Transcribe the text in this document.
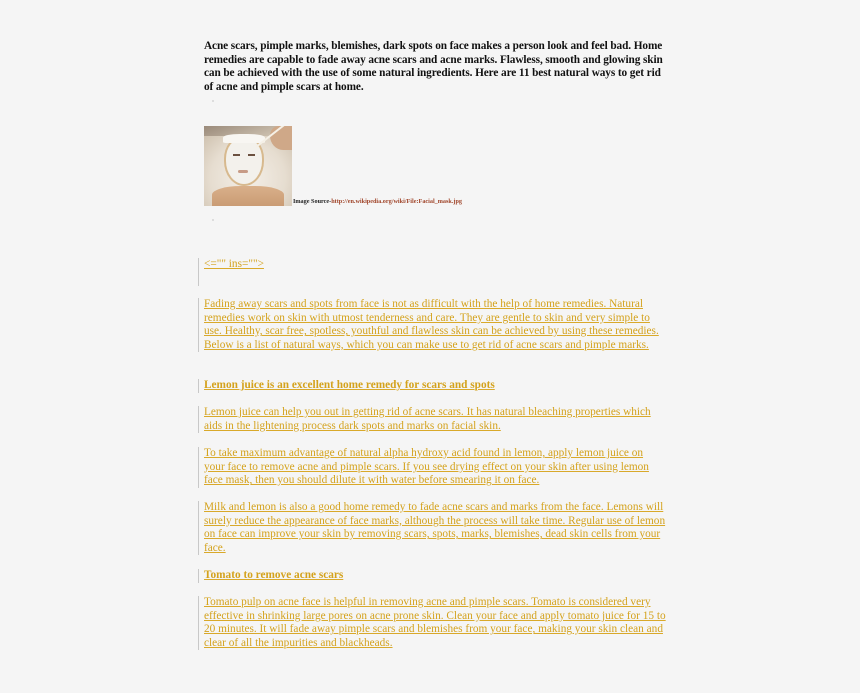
Acne scars, pimple marks, blemishes, dark spots on face makes a person look and feel bad. Home remedies are capable to fade away acne scars and acne marks. Flawless, smooth and glowing skin can be achieved with the use of some natural ingredients. Here are 11 best natural ways to get rid of acne and pimple scars at home.

Image Source-http://en.wikipedia.org/wiki/File:Facial_mask.jpg
<="" ins="">
Fading away scars and spots from face is not as difficult with the help of home remedies. Natural remedies work on skin with utmost tenderness and care. They are gentle to skin and very simple to use. Healthy, scar free, spotless, youthful and flawless skin can be achieved by using these remedies. Below is a list of natural ways, which you can make use to get rid of acne scars and pimple marks.
Lemon juice is an excellent home remedy for scars and spots
Lemon juice can help you out in getting rid of acne scars. It has natural bleaching properties which aids in the lightening process dark spots and marks on facial skin.
To take maximum advantage of natural alpha hydroxy acid found in lemon, apply lemon juice on your face to remove acne and pimple scars. If you see drying effect on your skin after using lemon face mask, then you should dilute it with water before smearing it on face.
Milk and lemon is also a good home remedy to fade acne scars and marks from the face. Lemons will surely reduce the appearance of face marks, although the process will take time. Regular use of lemon on face can improve your skin by removing scars, spots, marks, blemishes, dead skin cells from your face.
Tomato to remove acne scars
Tomato pulp on acne face is helpful in removing acne and pimple scars. Tomato is considered very effective in shrinking large pores on acne prone skin. Clean your face and apply tomato juice for 15 to 20 minutes. It will fade away pimple scars and blemishes from your face, making your skin clean and clear of all the impurities and blackheads.
